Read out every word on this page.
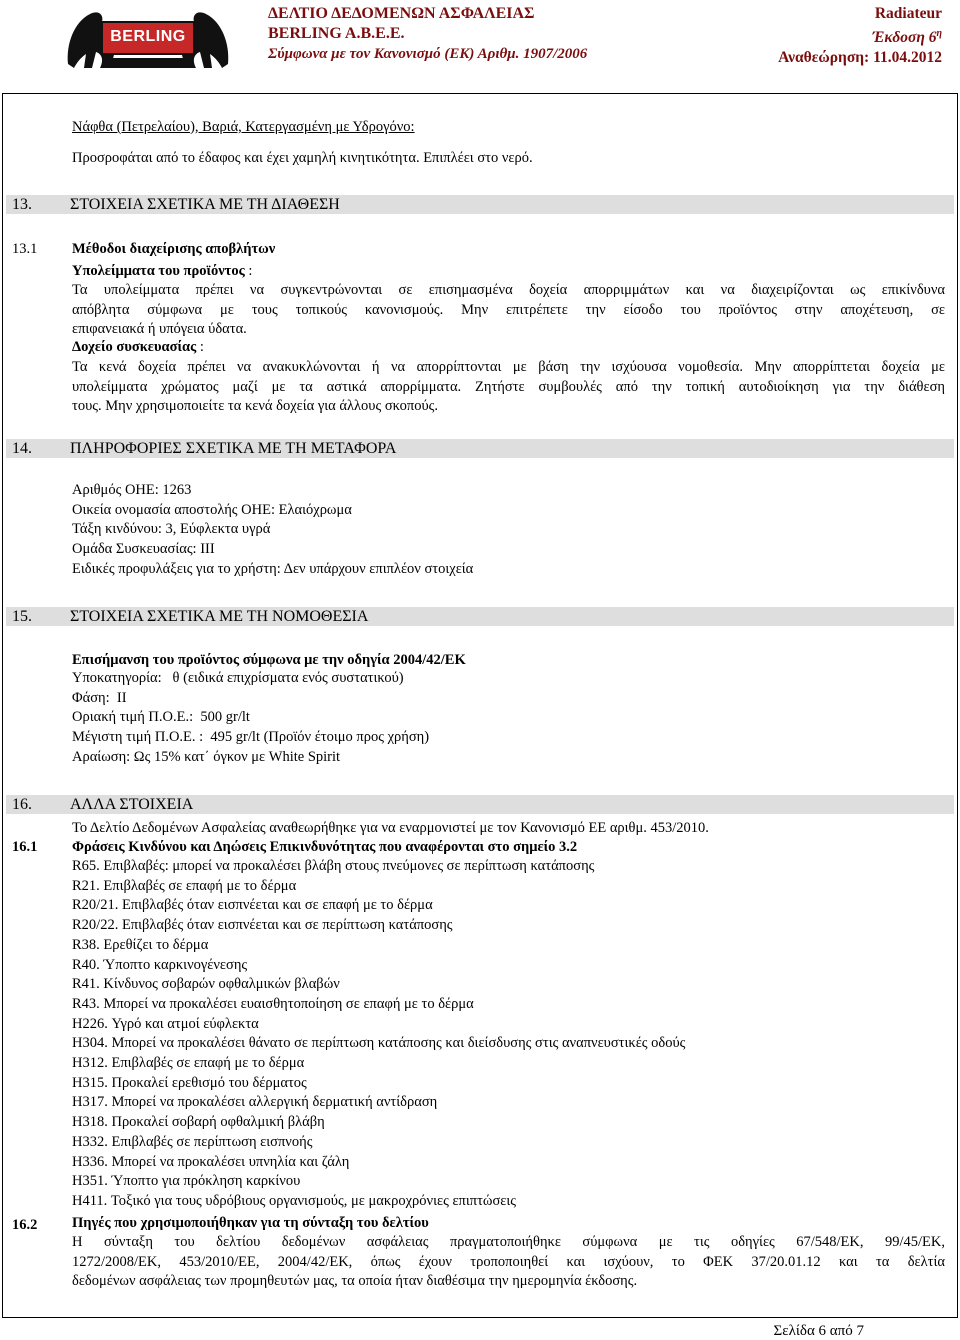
BERLING
ΔΕΛΤΙΟ ΔΕΔΟΜΕΝΩΝ ΑΣΦΑΛΕΙΑΣ
BERLING A.B.E.E.
Σύμφωνα με τον Κανονισμό (ΕΚ) Αριθμ. 1907/2006
Radiateur
Έκδοση $6^\eta$
Αναθεώρηση: 11.04.2012
Νάφθα (Πετρελαίου), Βαριά, Κατεργασμένη με Υδρογόνο:
Προσροφάται από το έδαφος και έχει χαμηλή κινητικότητα. Επιπλέει στο νερό.
13. ΣΤΟΙΧΕΙΑ ΣΧΕΤΙΚΑ ΜΕ ΤΗ ΔΙΑΘΕΣΗ
13.1 Μέθοδοι διαχείρισης αποβλήτων
Υπολείμματα του προϊόντος :
Τα υπολείμματα πρέπει να συγκεντρώνονται σε επισημασμένα δοχεία απορριμμάτων και να διαχειρίζονται ως επικίνδυνα
απόβλητα σύμφωνα με τους τοπικούς κανονισμούς. Μην επιτρέπετε την είσοδο του προϊόντος στην αποχέτευση, σε
επιφανειακά ή υπόγεια ύδατα.
Δοχείο συσκευασίας :
Τα κενά δοχεία πρέπει να ανακυκλώνονται ή να απορρίπτονται με βάση την ισχύουσα νομοθεσία. Μην απορρίπτεται δοχεία με
υπολείμματα χρώματος μαζί με τα αστικά απορρίμματα. Ζητήστε συμβουλές από την τοπική αυτοδιοίκηση για την διάθεση
τους. Μην χρησιμοποιείτε τα κενά δοχεία για άλλους σκοπούς.
14. ΠΛΗΡΟΦΟΡΙΕΣ ΣΧΕΤΙΚΑ ΜΕ ΤΗ ΜΕΤΑΦΟΡΑ
Αριθμός ΟΗΕ: 1263
Οικεία ονομασία αποστολής ΟΗΕ: Ελαιόχρωμα
Τάξη κινδύνου: 3, Εύφλεκτα υγρά
Ομάδα Συσκευασίας: ΙΙΙ
Ειδικές προφυλάξεις για το χρήστη: Δεν υπάρχουν επιπλέον στοιχεία
15. ΣΤΟΙΧΕΙΑ ΣΧΕΤΙΚΑ ΜΕ ΤΗ ΝΟΜΟΘΕΣΙΑ
Επισήμανση του προϊόντος σύμφωνα με την οδηγία 2004/42/ΕΚ
Υποκατηγορία:   θ (ειδικά επιχρίσματα ενός συστατικού)
Φάση:  ΙΙ
Οριακή τιμή Π.Ο.Ε.:  500 gr/lt
Μέγιστη τιμή Π.Ο.Ε. :  495 gr/lt (Προϊόν έτοιμο προς χρήση)
Αραίωση: Ως 15% κατ΄ όγκον με White Spirit
16. ΑΛΛΑ ΣΤΟΙΧΕΙΑ
Το Δελτίο Δεδομένων Ασφαλείας αναθεωρήθηκε για να εναρμονιστεί με τον Κανονισμό ΕΕ αριθμ. 453/2010.
16.1 Φράσεις Κινδύνου και Δηώσεις Επικινδυνότητας που αναφέρονται στο σημείο 3.2
R65. Επιβλαβές: μπορεί να προκαλέσει βλάβη στους πνεύμονες σε περίπτωση κατάποσης
R21. Επιβλαβές σε επαφή με το δέρμα
R20/21. Επιβλαβές όταν εισπνέεται και σε επαφή με το δέρμα
R20/22. Επιβλαβές όταν εισπνέεται και σε περίπτωση κατάποσης
R38. Ερεθίζει το δέρμα
R40. Ύποπτο καρκινογένεσης
R41. Κίνδυνος σοβαρών οφθαλμικών βλαβών
R43. Μπορεί να προκαλέσει ευαισθητοποίηση σε επαφή με το δέρμα
H226. Υγρό και ατμοί εύφλεκτα
H304. Μπορεί να προκαλέσει θάνατο σε περίπτωση κατάποσης και διείσδυσης στις αναπνευστικές οδούς
H312. Επιβλαβές σε επαφή με το δέρμα
H315. Προκαλεί ερεθισμό του δέρματος
H317. Μπορεί να προκαλέσει αλλεργική δερματική αντίδραση
H318. Προκαλεί σοβαρή οφθαλμική βλάβη
H332. Επιβλαβές σε περίπτωση εισπνοής
H336. Μπορεί να προκαλέσει υπνηλία και ζάλη
H351. Ύποπτο για πρόκληση καρκίνου
H411. Τοξικό για τους υδρόβιους οργανισμούς, με μακροχρόνιες επιπτώσεις
16.2 Πηγές που χρησιμοποιήθηκαν για τη σύνταξη του δελτίου
Η σύνταξη του δελτίου δεδομένων ασφάλειας πραγματοποιήθηκε σύμφωνα με τις οδηγίες 67/548/ΕΚ, 99/45/ΕΚ,
1272/2008/ΕΚ, 453/2010/ΕΕ, 2004/42/ΕΚ, όπως έχουν τροποποιηθεί και ισχύουν, το ΦΕΚ 37/20.01.12 και τα δελτία
δεδομένων ασφάλειας των προμηθευτών μας, τα οποία ήταν διαθέσιμα την ημερομηνία έκδοσης.
Σελίδα 6 από 7
